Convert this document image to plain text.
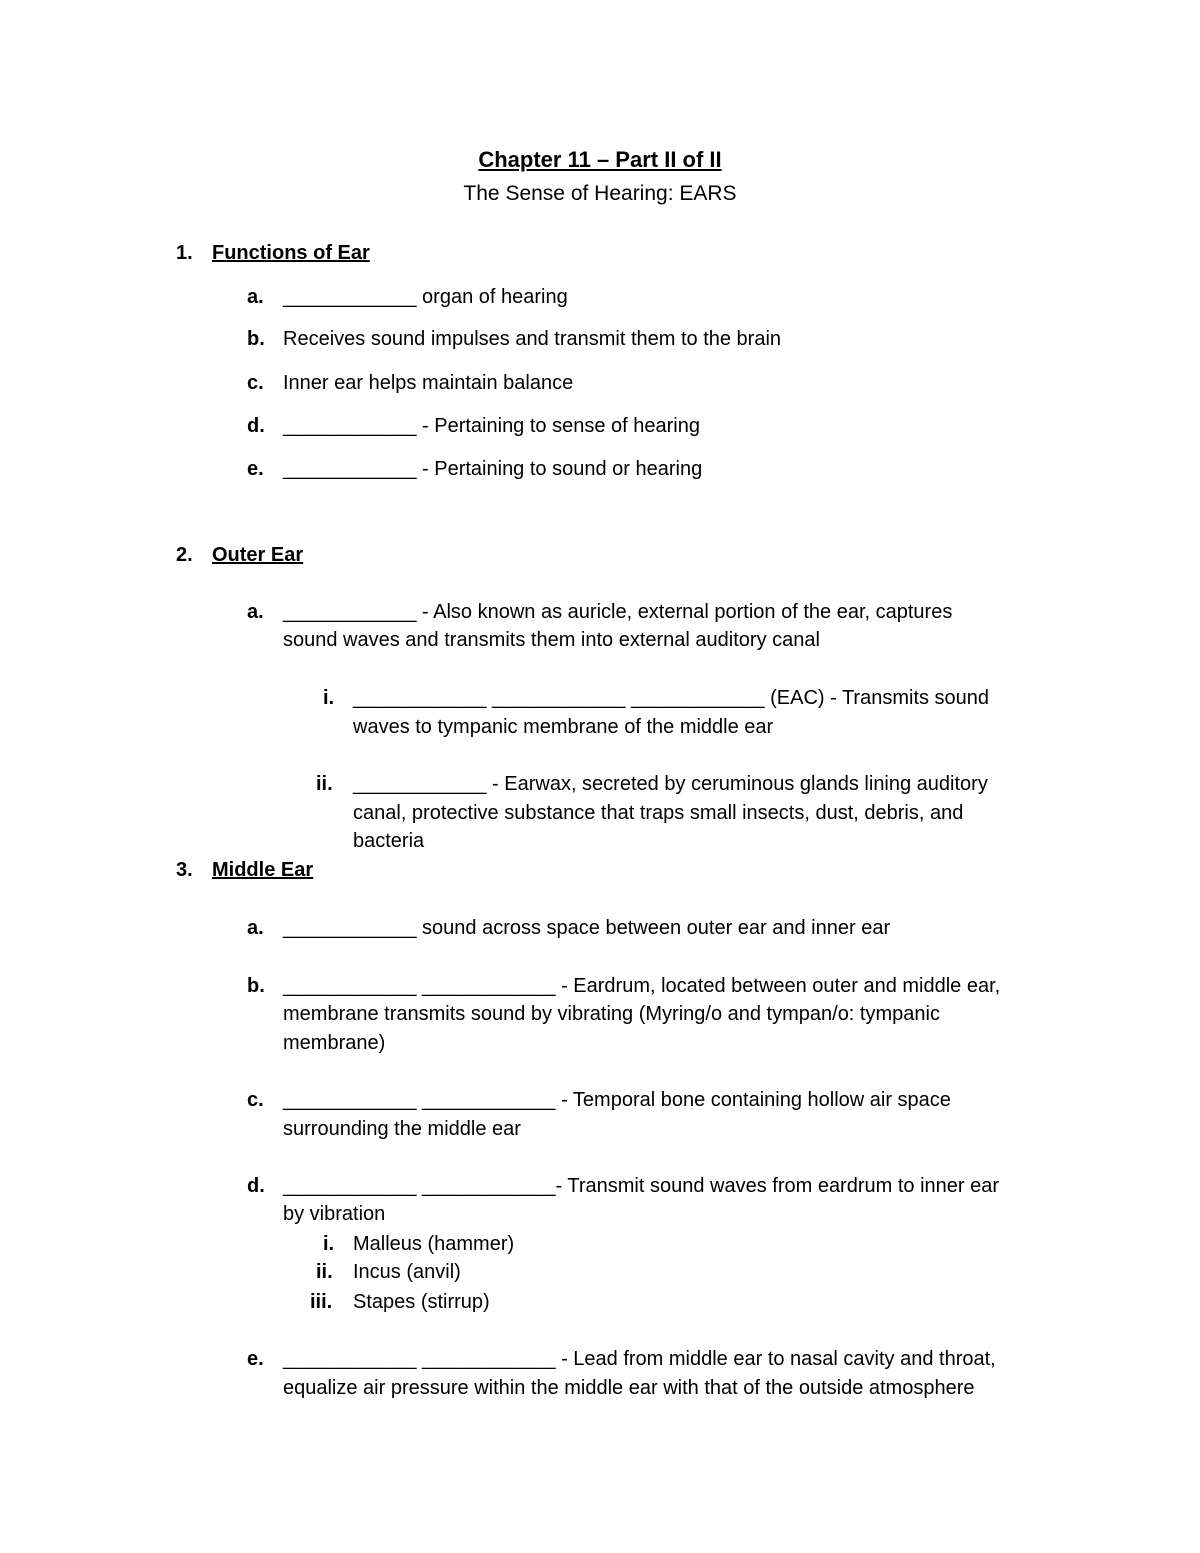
Chapter 11 – Part II of II
The Sense of Hearing: EARS
1. Functions of Ear
a. ____________ organ of hearing
b. Receives sound impulses and transmit them to the brain
c. Inner ear helps maintain balance
d. ____________ - Pertaining to sense of hearing
e. ____________ - Pertaining to sound or hearing
2. Outer Ear
a. ____________ - Also known as auricle, external portion of the ear, captures
sound waves and transmits them into external auditory canal
i. ____________ ____________ ____________ (EAC) - Transmits sound
waves to tympanic membrane of the middle ear
ii. ____________ - Earwax, secreted by ceruminous glands lining auditory
canal, protective substance that traps small insects, dust, debris, and
bacteria
3. Middle Ear
a. ____________ sound across space between outer ear and inner ear
b. ____________ ____________ - Eardrum, located between outer and middle ear,
membrane transmits sound by vibrating (Myring/o and tympan/o: tympanic
membrane)
c. ____________ ____________ - Temporal bone containing hollow air space
surrounding the middle ear
d. ____________ ____________- Transmit sound waves from eardrum to inner ear
by vibration
i. Malleus (hammer)
ii. Incus (anvil)
iii. Stapes (stirrup)
e. ____________ ____________ - Lead from middle ear to nasal cavity and throat,
equalize air pressure within the middle ear with that of the outside atmosphere
